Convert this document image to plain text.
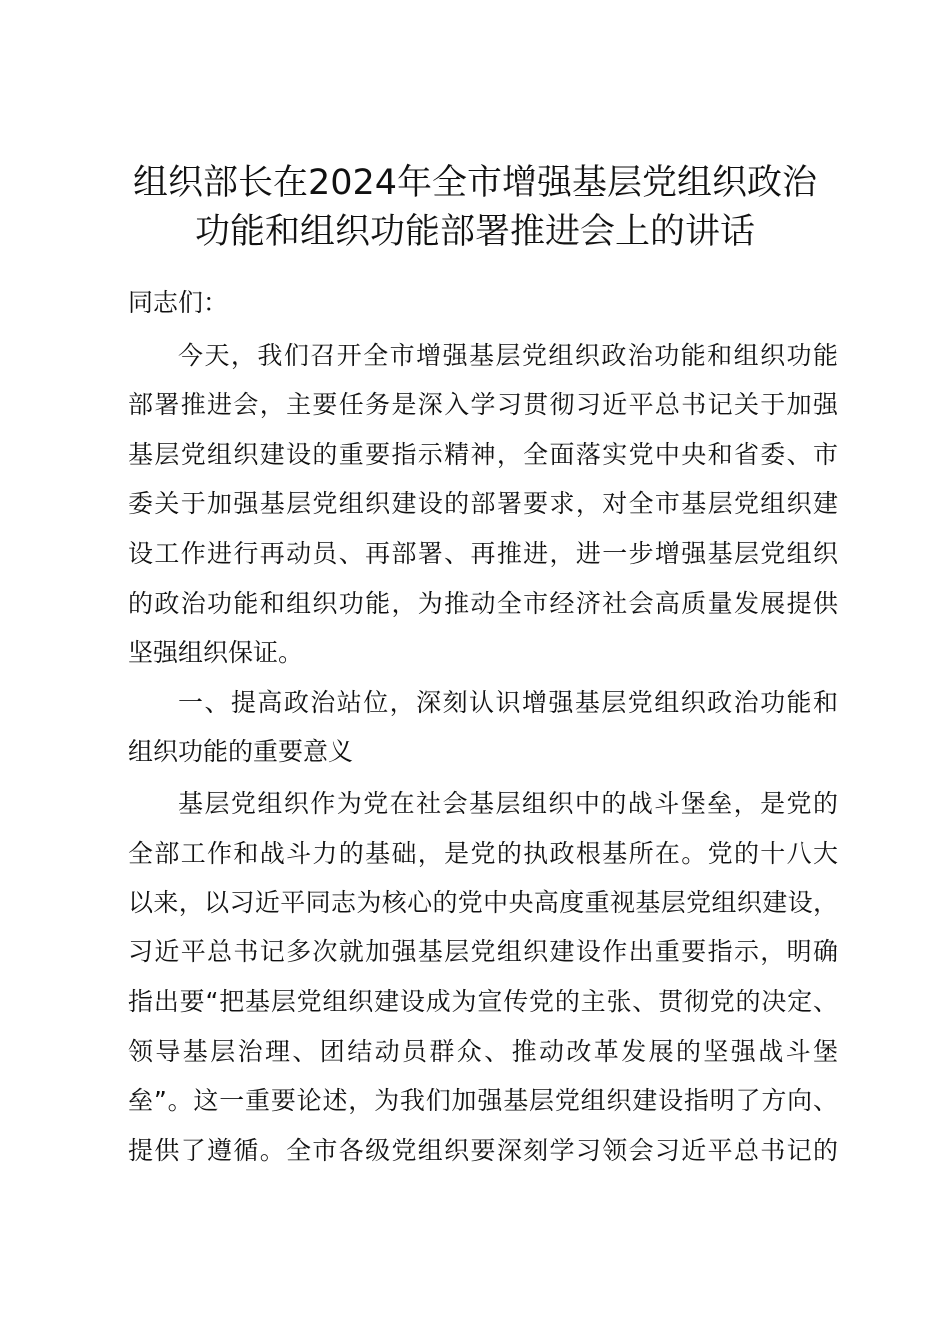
组织部长在2024年全市增强基层党组织政治
功能和组织功能部署推进会上的讲话
同志们：
今天，我们召开全市增强基层党组织政治功能和组织功能
部署推进会，主要任务是深入学习贯彻习近平总书记关于加强
基层党组织建设的重要指示精神，全面落实党中央和省委、市
委关于加强基层党组织建设的部署要求，对全市基层党组织建
设工作进行再动员、再部署、再推进，进一步增强基层党组织
的政治功能和组织功能，为推动全市经济社会高质量发展提供
坚强组织保证。
一、提高政治站位，深刻认识增强基层党组织政治功能和
组织功能的重要意义
基层党组织作为党在社会基层组织中的战斗堡垒，是党的
全部工作和战斗力的基础，是党的执政根基所在。党的十八大
以来，以习近平同志为核心的党中央高度重视基层党组织建设，
习近平总书记多次就加强基层党组织建设作出重要指示，明确
指出要“把基层党组织建设成为宣传党的主张、贯彻党的决定、
领导基层治理、团结动员群众、推动改革发展的坚强战斗堡
垒”。这一重要论述，为我们加强基层党组织建设指明了方向、
提供了遵循。全市各级党组织要深刻学习领会习近平总书记的
